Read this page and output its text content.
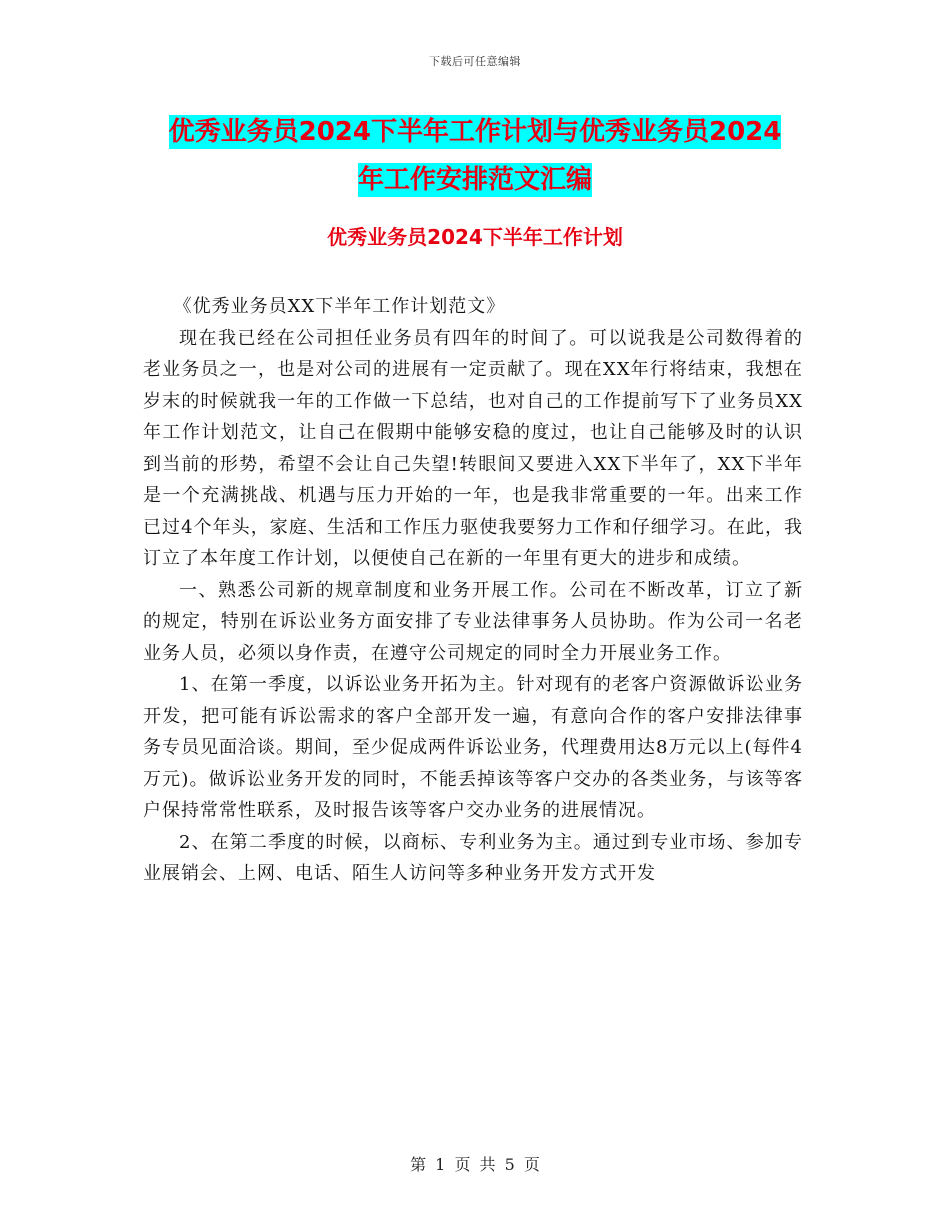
下载后可任意编辑
优秀业务员2024下半年工作计划与优秀业务员2024
年工作安排范文汇编
优秀业务员2024下半年工作计划

《优秀业务员XX下半年工作计划范文》

现在我已经在公司担任业务员有四年的时间了。可以说我是公司数得着的老业务员之一，也是对公司的进展有一定贡献了。现在XX年行将结束，我想在岁末的时候就我一年的工作做一下总结，也对自己的工作提前写下了业务员XX年工作计划范文，让自己在假期中能够安稳的度过，也让自己能够及时的认识到当前的形势，希望不会让自己失望!转眼间又要进入XX下半年了，XX下半年是一个充满挑战、机遇与压力开始的一年，也是我非常重要的一年。出来工作已过4个年头，家庭、生活和工作压力驱使我要努力工作和仔细学习。在此，我订立了本年度工作计划，以便使自己在新的一年里有更大的进步和成绩。

一、熟悉公司新的规章制度和业务开展工作。公司在不断改革，订立了新的规定，特别在诉讼业务方面安排了专业法律事务人员协助。作为公司一名老业务人员，必须以身作责，在遵守公司规定的同时全力开展业务工作。

1、在第一季度，以诉讼业务开拓为主。针对现有的老客户资源做诉讼业务开发，把可能有诉讼需求的客户全部开发一遍，有意向合作的客户安排法律事务专员见面洽谈。期间，至少促成两件诉讼业务，代理费用达8万元以上(每件4万元)。做诉讼业务开发的同时，不能丢掉该等客户交办的各类业务，与该等客户保持常常性联系，及时报告该等客户交办业务的进展情况。

2、在第二季度的时候，以商标、专利业务为主。通过到专业市场、参加专业展销会、上网、电话、陌生人访问等多种业务开发方式开发

第 1 页 共 5 页
